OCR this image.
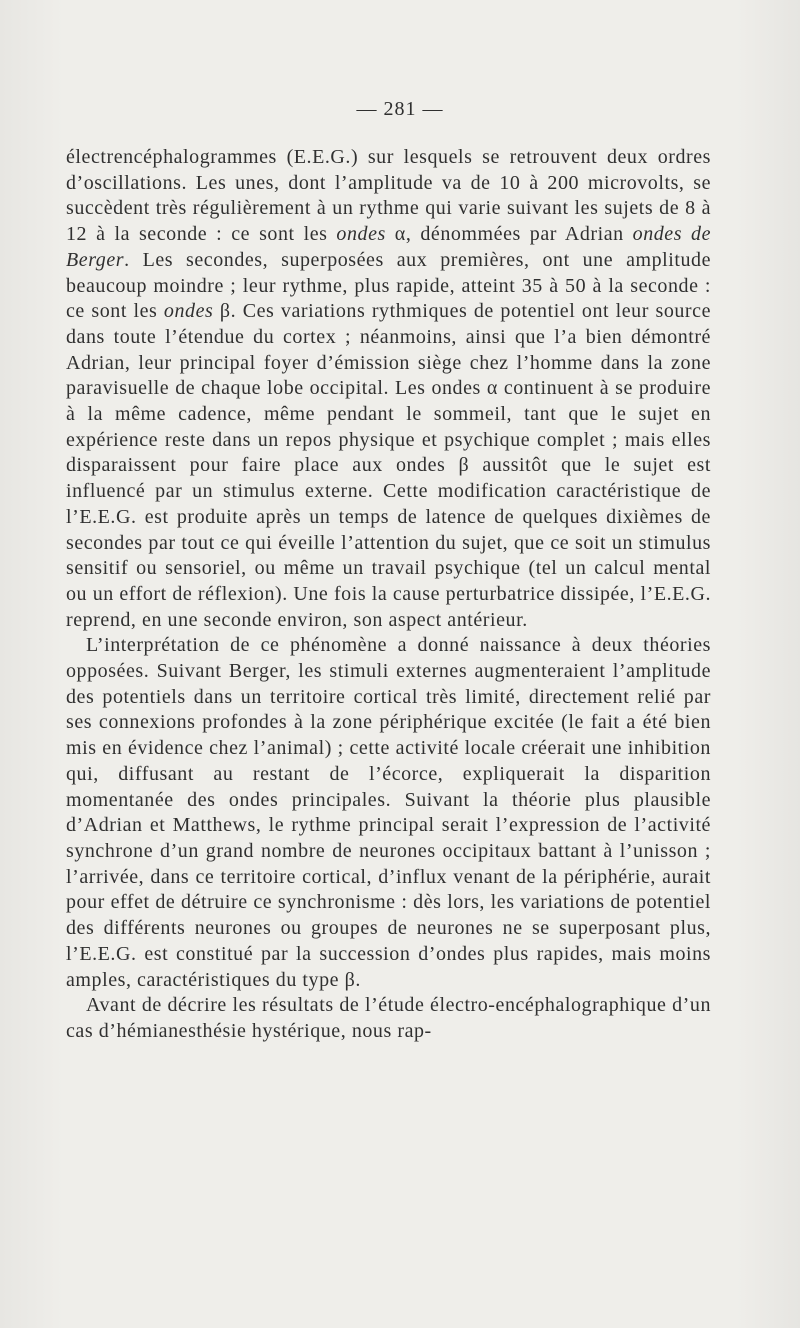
— 281 —

électrencéphalogrammes (E.E.G.) sur lesquels se retrouvent deux ordres d’oscillations. Les unes, dont l’amplitude va de 10 à 200 microvolts, se succèdent très régulièrement à un rythme qui varie suivant les sujets de 8 à 12 à la seconde : ce sont les ondes α, dénommées par Adrian ondes de Berger. Les secondes, superposées aux premières, ont une amplitude beaucoup moindre ; leur rythme, plus rapide, atteint 35 à 50 à la seconde : ce sont les ondes β. Ces variations rythmiques de potentiel ont leur source dans toute l’étendue du cortex ; néanmoins, ainsi que l’a bien démontré Adrian, leur principal foyer d’émission siège chez l’homme dans la zone paravisuelle de chaque lobe occipital. Les ondes α continuent à se produire à la même cadence, même pendant le sommeil, tant que le sujet en expérience reste dans un repos physique et psychique complet ; mais elles disparaissent pour faire place aux ondes β aussitôt que le sujet est influencé par un stimulus externe. Cette modification caractéristique de l’E.E.G. est produite après un temps de latence de quelques dixièmes de secondes par tout ce qui éveille l’attention du sujet, que ce soit un stimulus sensitif ou sensoriel, ou même un travail psychique (tel un calcul mental ou un effort de réflexion). Une fois la cause perturbatrice dissipée, l’E.E.G. reprend, en une seconde environ, son aspect antérieur.

L’interprétation de ce phénomène a donné naissance à deux théories opposées. Suivant Berger, les stimuli externes augmenteraient l’amplitude des potentiels dans un territoire cortical très limité, directement relié par ses connexions profondes à la zone périphérique excitée (le fait a été bien mis en évidence chez l’animal) ; cette activité locale créerait une inhibition qui, diffusant au restant de l’écorce, expliquerait la disparition momentanée des ondes principales. Suivant la théorie plus plausible d’Adrian et Matthews, le rythme principal serait l’expression de l’activité synchrone d’un grand nombre de neurones occipitaux battant à l’unisson ; l’arrivée, dans ce territoire cortical, d’influx venant de la périphérie, aurait pour effet de détruire ce synchronisme : dès lors, les variations de potentiel des différents neurones ou groupes de neurones ne se superposant plus, l’E.E.G. est constitué par la succession d’ondes plus rapides, mais moins amples, caractéristiques du type β.

Avant de décrire les résultats de l’étude électro-encéphalographique d’un cas d’hémianesthésie hystérique, nous rap-
